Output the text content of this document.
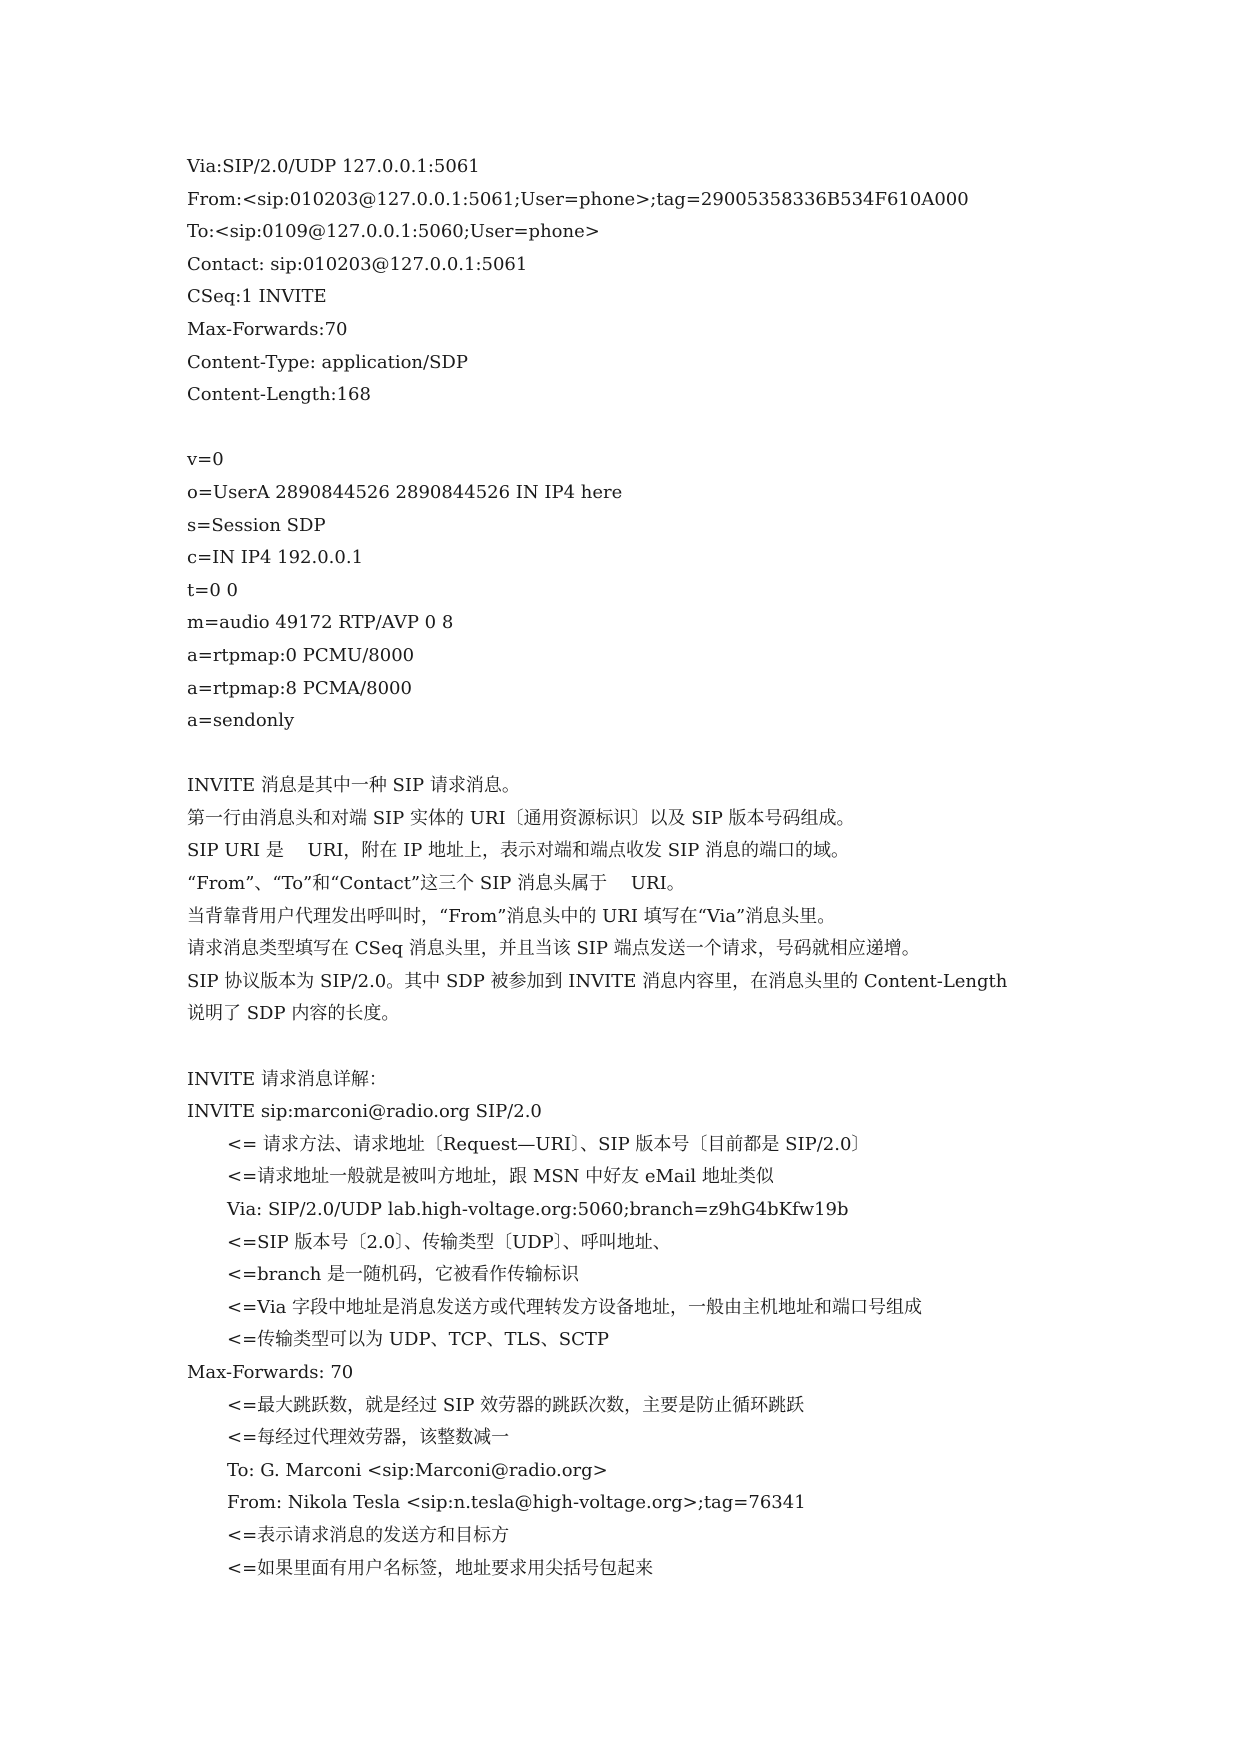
Via:SIP/2.0/UDP 127.0.0.1:5061
From:<sip:010203@127.0.0.1:5061;User=phone>;tag=29005358336B534F610A000
To:<sip:0109@127.0.0.1:5060;User=phone>
Contact: sip:010203@127.0.0.1:5061
CSeq:1 INVITE
Max-Forwards:70
Content-Type: application/SDP
Content-Length:168
v=0
o=UserA 2890844526 2890844526 IN IP4 here
s=Session SDP
c=IN IP4 192.0.0.1
t=0 0
m=audio 49172 RTP/AVP 0 8
a=rtpmap:0 PCMU/8000
a=rtpmap:8 PCMA/8000
a=sendonly
INVITE 消息是其中一种 SIP 请求消息。
第一行由消息头和对端 SIP 实体的 URI〔通用资源标识〕以及 SIP 版本号码组成。
SIP URI 是　 URI，附在 IP 地址上，表示对端和端点收发 SIP 消息的端口的域。
“From”、“To”和“Contact”这三个 SIP 消息头属于　 URI。
当背靠背用户代理发出呼叫时，“From”消息头中的 URI 填写在“Via”消息头里。
请求消息类型填写在 CSeq 消息头里，并且当该 SIP 端点发送一个请求，号码就相应递增。
SIP 协议版本为 SIP/2.0。其中 SDP 被参加到 INVITE 消息内容里，在消息头里的 Content-Length
说明了 SDP 内容的长度。
INVITE 请求消息详解：
INVITE sip:marconi@radio.org SIP/2.0
<= 请求方法、请求地址〔Request—URI〕、SIP 版本号〔目前都是 SIP/2.0〕
<=请求地址一般就是被叫方地址，跟 MSN 中好友 eMail 地址类似
Via: SIP/2.0/UDP lab.high-voltage.org:5060;branch=z9hG4bKfw19b
<=SIP 版本号〔2.0〕、传输类型〔UDP〕、呼叫地址、
<=branch 是一随机码，它被看作传输标识
<=Via 字段中地址是消息发送方或代理转发方设备地址，一般由主机地址和端口号组成
<=传输类型可以为 UDP、TCP、TLS、SCTP
Max-Forwards: 70
<=最大跳跃数，就是经过 SIP 效劳器的跳跃次数，主要是防止循环跳跃
<=每经过代理效劳器，该整数减一
To: G. Marconi <sip:Marconi@radio.org>
From: Nikola Tesla <sip:n.tesla@high-voltage.org>;tag=76341
<=表示请求消息的发送方和目标方
<=如果里面有用户名标签，地址要求用尖括号包起来
